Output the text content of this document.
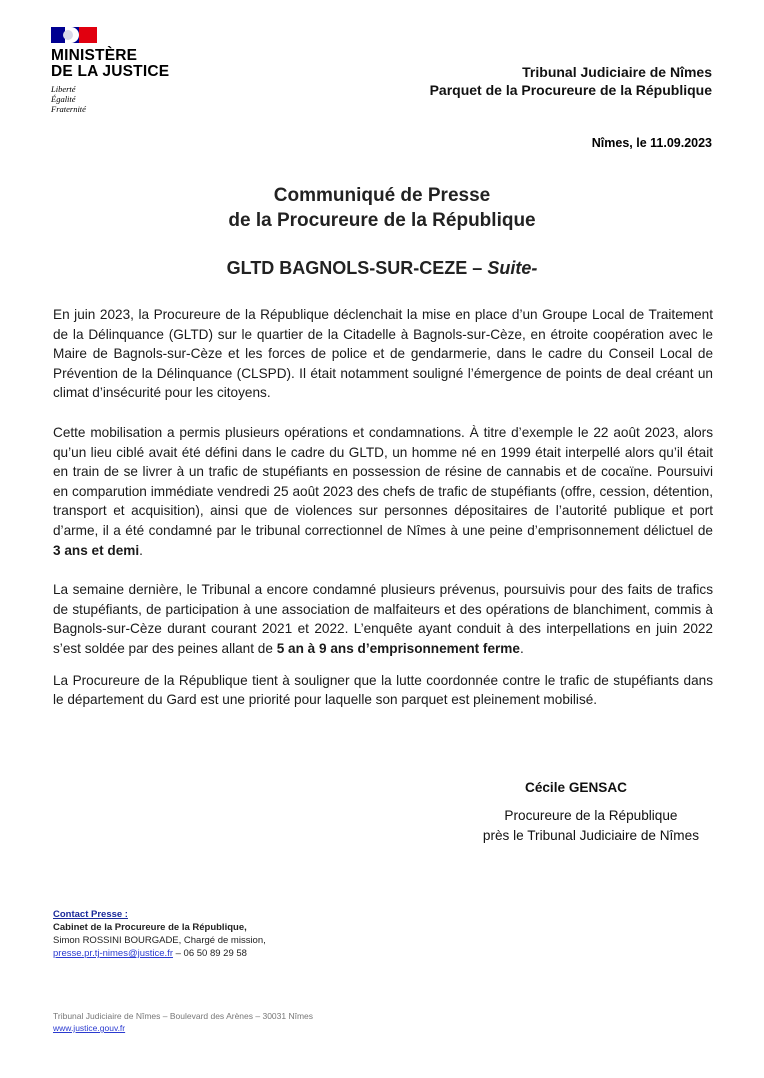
MINISTÈRE
DE LA JUSTICE
Liberté
Égalité
Fraternité
Tribunal Judiciaire de Nîmes
Parquet de la Procureure de la République
Nîmes, le 11.09.2023
Communiqué de Presse
de la Procureure de la République
GLTD BAGNOLS-SUR-CEZE – Suite-

En juin 2023, la Procureure de la République déclenchait la mise en place d’un Groupe Local de Traitement de la Délinquance (GLTD) sur le quartier de la Citadelle à Bagnols-sur-Cèze, en étroite coopération avec le Maire de Bagnols-sur-Cèze et les forces de police et de gendarmerie, dans le cadre du Conseil Local de Prévention de la Délinquance (CLSPD). Il était notamment souligné l’émergence de points de deal créant un climat d’insécurité pour les citoyens.

Cette mobilisation a permis plusieurs opérations et condamnations. À titre d’exemple le 22 août 2023, alors qu’un lieu ciblé avait été défini dans le cadre du GLTD, un homme né en 1999 était interpellé alors qu’il était en train de se livrer à un trafic de stupéfiants en possession de résine de cannabis et de cocaïne. Poursuivi en comparution immédiate vendredi 25 août 2023 des chefs de trafic de stupéfiants (offre, cession, détention, transport et acquisition), ainsi que de violences sur personnes dépositaires de l’autorité publique et port d’arme, il a été condamné par le tribunal correctionnel de Nîmes à une peine d’emprisonnement délictuel de 3 ans et demi.

La semaine dernière, le Tribunal a encore condamné plusieurs prévenus, poursuivis pour des faits de trafics de stupéfiants, de participation à une association de malfaiteurs et des opérations de blanchiment, commis à Bagnols-sur-Cèze durant courant 2021 et 2022. L’enquête ayant conduit à des interpellations en juin 2022 s’est soldée par des peines allant de 5 an à 9 ans d’emprisonnement ferme.

La Procureure de la République tient à souligner que la lutte coordonnée contre le trafic de stupéfiants dans le département du Gard est une priorité pour laquelle son parquet est pleinement mobilisé.

Cécile GENSAC
Procureure de la République
près le Tribunal Judiciaire de Nîmes
Contact Presse :
Cabinet de la Procureure de la République,
Simon ROSSINI BOURGADE, Chargé de mission,
presse.pr.tj-nimes@justice.fr – 06 50 89 29 58
Tribunal Judiciaire de Nîmes – Boulevard des Arènes – 30031 Nîmes
www.justice.gouv.fr
